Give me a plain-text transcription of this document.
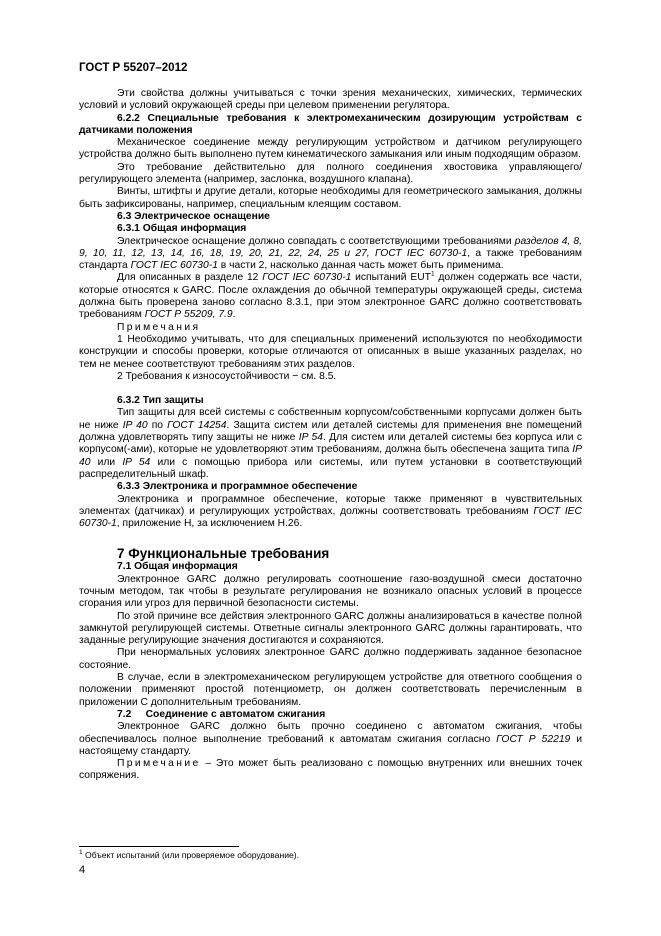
ГОСТ Р 55207–2012

Эти свойства должны учитываться с точки зрения механических, химических, термических условий и условий окружающей среды при целевом применении регулятора.

6.2.2 Специальные требования к электромеханическим дозирующим устройствам с датчиками положения

Механическое соединение между регулирующим устройством и датчиком регулирующего устройства должно быть выполнено путем кинематического замыкания или иным подходящим образом.

Это требование действительно для полного соединения хвостовика управляющего/регулирующего элемента (например, заслонка, воздушного клапана).

Винты, штифты и другие детали, которые необходимы для геометрического замыкания, должны быть зафиксированы, например, специальным клеящим составом.

6.3 Электрическое оснащение
6.3.1 Общая информация

Электрическое оснащение должно совпадать с соответствующими требованиями разделов 4, 8, 9, 10, 11, 12, 13, 14, 16, 18, 19, 20, 21, 22, 24, 25 и 27, ГОСТ IEC 60730-1, а также требованиям стандарта ГОСТ IEC 60730-1 в части 2, насколько данная часть может быть применима.

Для описанных в разделе 12 ГОСТ IEC 60730-1 испытаний EUT$^1$ должен содержать все части, которые относятся к GARC. После охлаждения до обычной температуры окружающей среды, система должна быть проверена заново согласно 8.3.1, при этом электронное GARC должно соответствовать требованиям ГОСТ Р 55209, 7.9.

Примечания

1 Необходимо учитывать, что для специальных применений используются по необходимости конструкции и способы проверки, которые отличаются от описанных в выше указанных разделах, но тем не менее соответствуют требованиям этих разделов.

2 Требования к износоустойчивости − см. 8.5.

6.3.2 Тип защиты

Тип защиты для всей системы с собственным корпусом/собственными корпусами должен быть не ниже IP 40 по ГОСТ 14254. Защита систем или деталей системы для применения вне помещений должна удовлетворять типу защиты не ниже IP 54. Для систем или деталей системы без корпуса или с корпусом(-ами), которые не удовлетворяют этим требованиям, должна быть обеспечена защита типа IP 40 или IP 54 или с помощью прибора или системы, или путем установки в соответствующий распределительный шкаф.

6.3.3 Электроника и программное обеспечение

Электроника и программное обеспечение, которые также применяют в чувствительных элементах (датчиках) и регулирующих устройствах, должны соответствовать требованиям ГОСТ IEC 60730-1, приложение H, за исключением H.26.

7 Функциональные требования
7.1 Общая информация

Электронное GARC должно регулировать соотношение газо-воздушной смеси достаточно точным методом, так чтобы в результате регулирования не возникало опасных условий в процессе сгорания или угроз для первичной безопасности системы.

По этой причине все действия электронного GARC должны анализироваться в качестве полной замкнутой регулирующей системы. Ответные сигналы электронного GARC должны гарантировать, что заданные регулирующие значения достигаются и сохраняются.

При ненормальных условиях электронное GARC должно поддерживать заданное безопасное состояние.

В случае, если в электромеханическом регулирующем устройстве для ответного сообщения о положении применяют простой потенциометр, он должен соответствовать перечисленным в приложении С дополнительным требованиям.

7.2     Соединение с автоматом сжигания

Электронное GARC должно быть прочно соединено с автоматом сжигания, чтобы обеспечивалось полное выполнение требований к автоматам сжигания согласно ГОСТ Р 52219 и настоящему стандарту.

Примечание – Это может быть реализовано с помощью внутренних или внешних точек сопряжения.

$^1$ Объект испытаний (или проверяемое оборудование).
4
